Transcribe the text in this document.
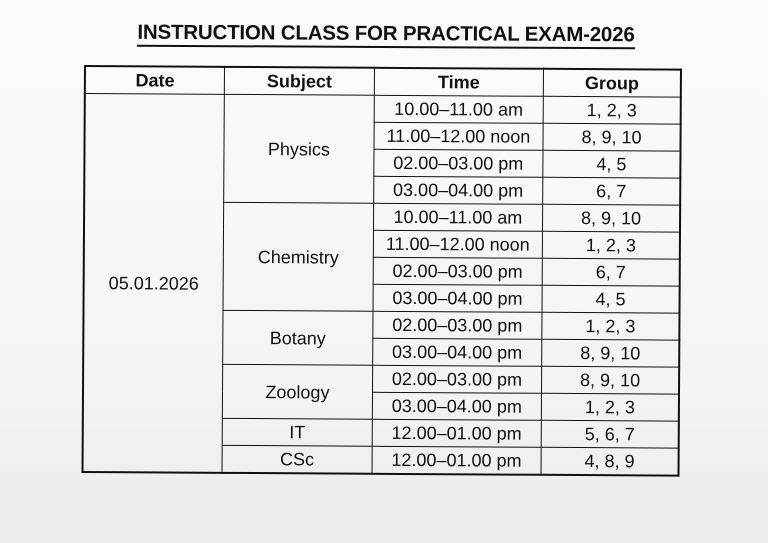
INSTRUCTION CLASS FOR PRACTICAL EXAM-2026
Date	Subject	Time	Group
05.01.2026	Physics	10.00–11.00 am	1, 2, 3
		11.00–12.00 noon	8, 9, 10
		02.00–03.00 pm	4, 5
		03.00–04.00 pm	6, 7
	Chemistry	10.00–11.00 am	8, 9, 10
		11.00–12.00 noon	1, 2, 3
		02.00–03.00 pm	6, 7
		03.00–04.00 pm	4, 5
	Botany	02.00–03.00 pm	1, 2, 3
		03.00–04.00 pm	8, 9, 10
	Zoology	02.00–03.00 pm	8, 9, 10
		03.00–04.00 pm	1, 2, 3
	IT	12.00–01.00 pm	5, 6, 7
	CSc	12.00–01.00 pm	4, 8, 9
